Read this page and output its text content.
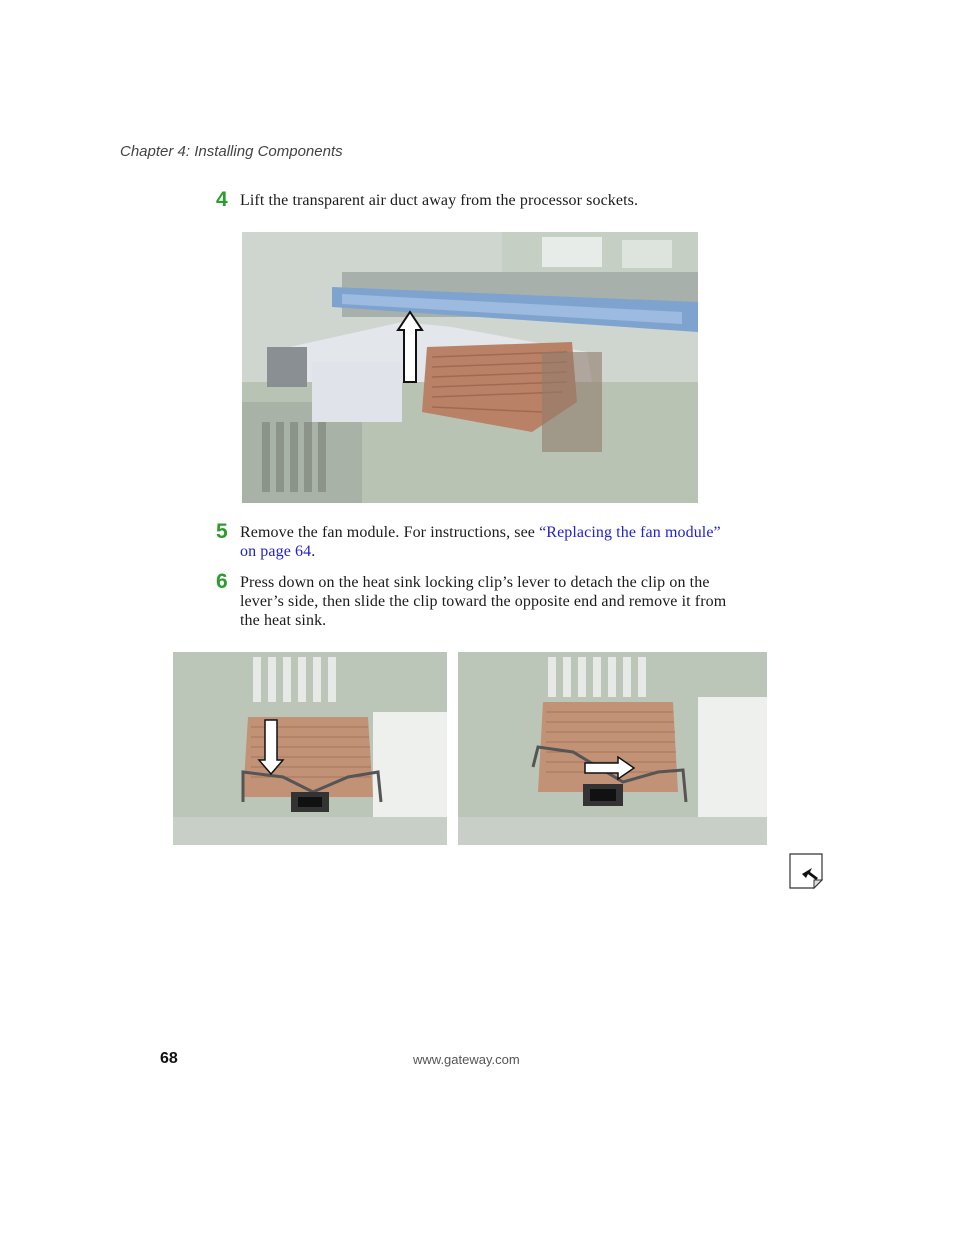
Chapter 4: Installing Components
4 Lift the transparent air duct away from the processor sockets.
5 Remove the fan module. For instructions, see “Replacing the fan module”
on page 64.
6 Press down on the heat sink locking clip’s lever to detach the clip on the
lever’s side, then slide the clip toward the opposite end and remove it from
the heat sink.
68	www.gateway.com
